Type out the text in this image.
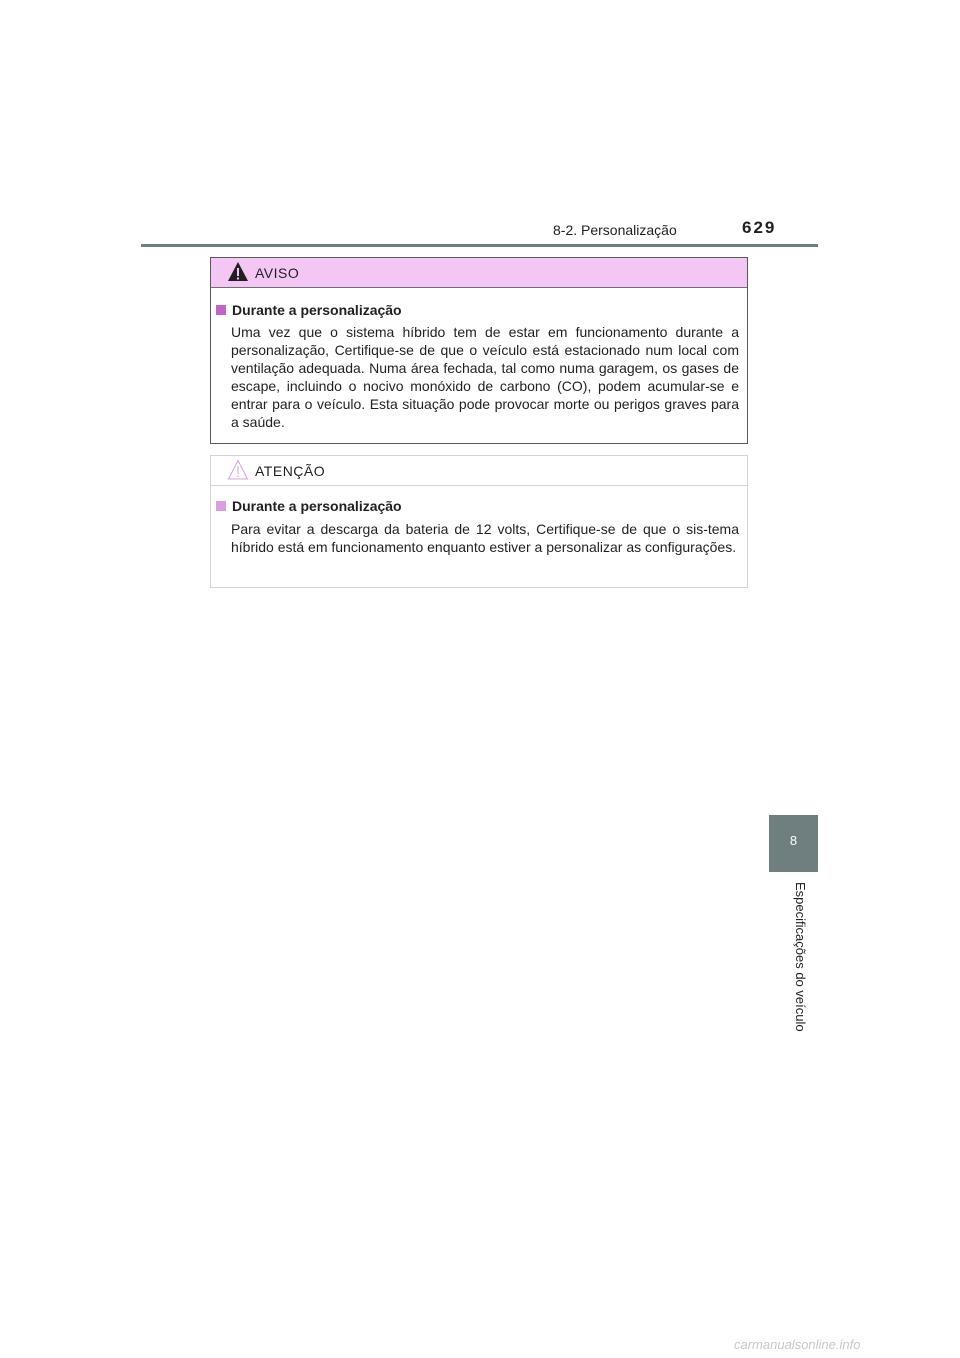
8-2. Personalização	629
AVISO
Durante a personalização

Uma vez que o sistema híbrido tem de estar em funcionamento durante a personalização, Certifique-se de que o veículo está estacionado num local com ventilação adequada. Numa área fechada, tal como numa garagem, os gases de escape, incluindo o nocivo monóxido de carbono (CO), podem acumular-se e entrar para o veículo. Esta situação pode provocar morte ou perigos graves para a saúde.

ATENÇÃO
Durante a personalização

Para evitar a descarga da bateria de 12 volts, Certifique-se de que o sis-tema híbrido está em funcionamento enquanto estiver a personalizar as configurações.

8
Especificações do veículo
carmanualsonline.info
